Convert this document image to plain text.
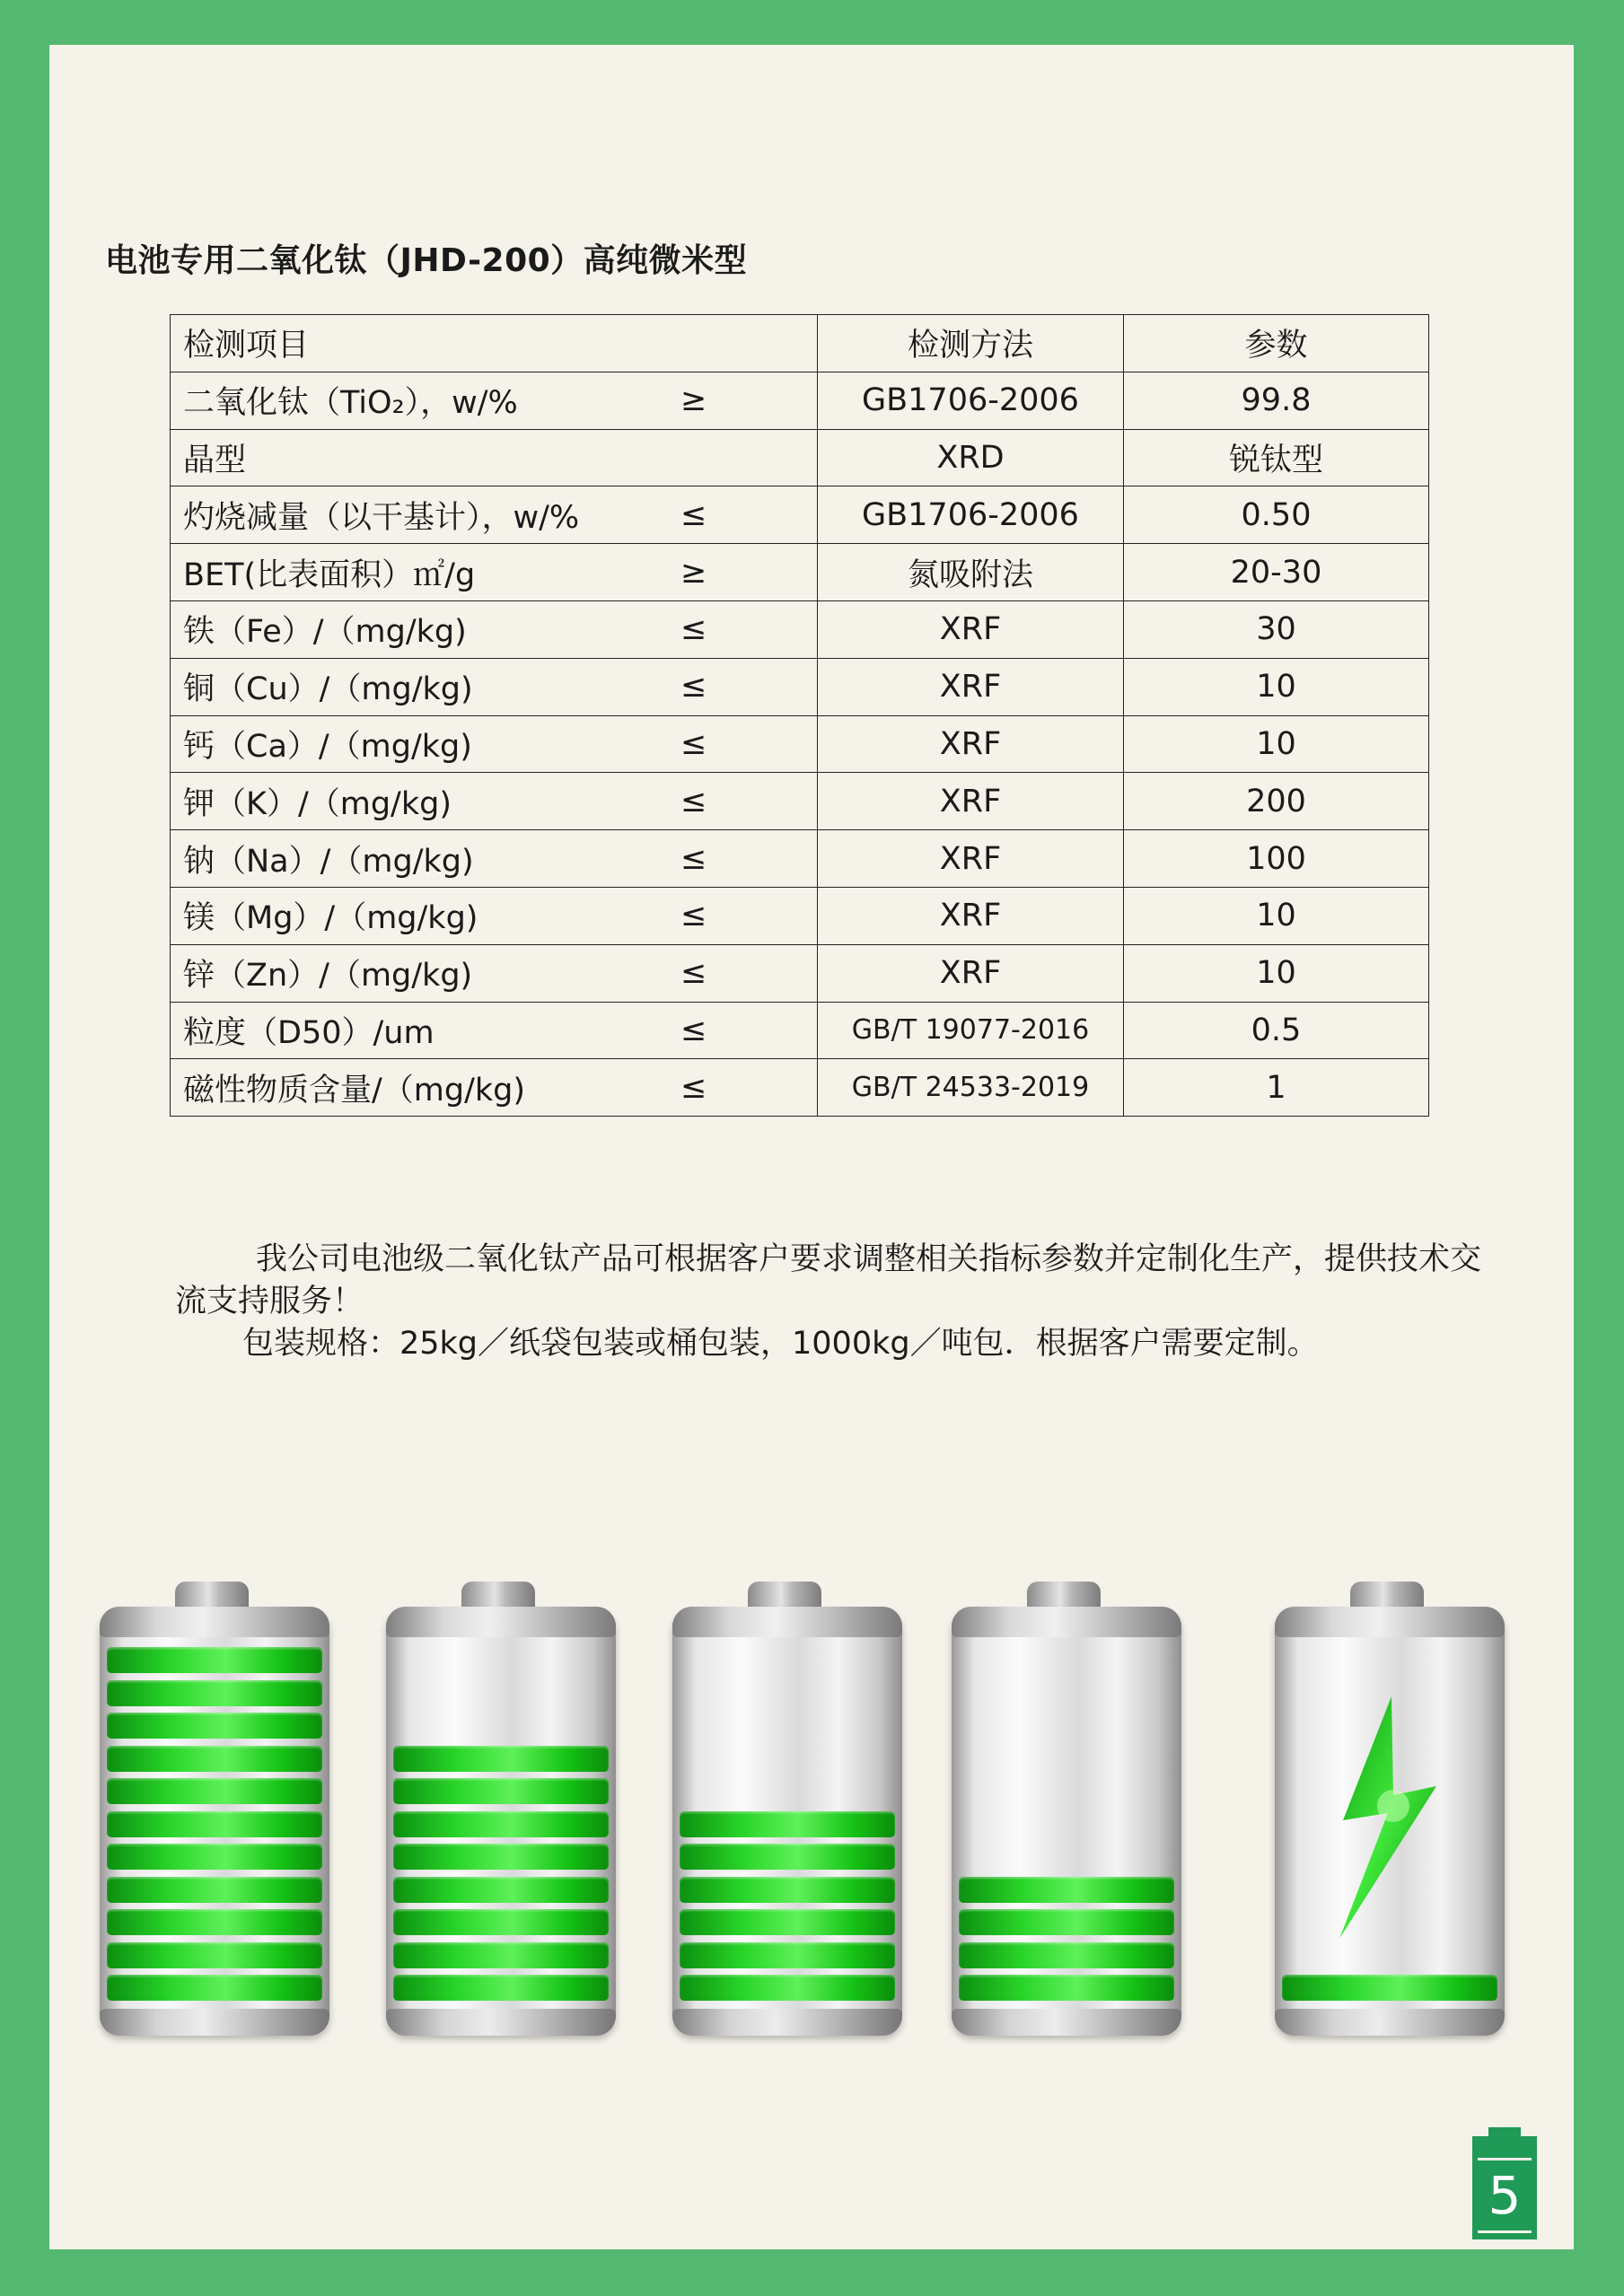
电池专用二氧化钛（JHD-200）高纯微米型
检测项目	检测方法	参数

二氧化钛（TiO₂），w/% ≥	GB1706-2006	99.8

晶型	XRD	锐钛型

灼烧减量（以干基计），w/% ≤	GB1706-2006	0.50

BET(比表面积）㎡/g ≥	氮吸附法	20-30

铁（Fe）/（mg/kg) ≤	XRF	30

铜（Cu）/（mg/kg) ≤	XRF	10

钙（Ca）/（mg/kg) ≤	XRF	10

钾（K）/（mg/kg) ≤	XRF	200

钠（Na）/（mg/kg) ≤	XRF	100

镁（Mg）/（mg/kg) ≤	XRF	10

锌（Zn）/（mg/kg) ≤	XRF	10

粒度（D50）/um ≤	GB/T 19077-2016	0.5

磁性物质含量/（mg/kg) ≤	GB/T 24533-2019	1

我公司电池级二氧化钛产品可根据客户要求调整相关指标参数并定制化生产，提供技术交流支持服务！

包装规格：25kg／纸袋包装或桶包装，1000kg／吨包．根据客户需要定制。

5
